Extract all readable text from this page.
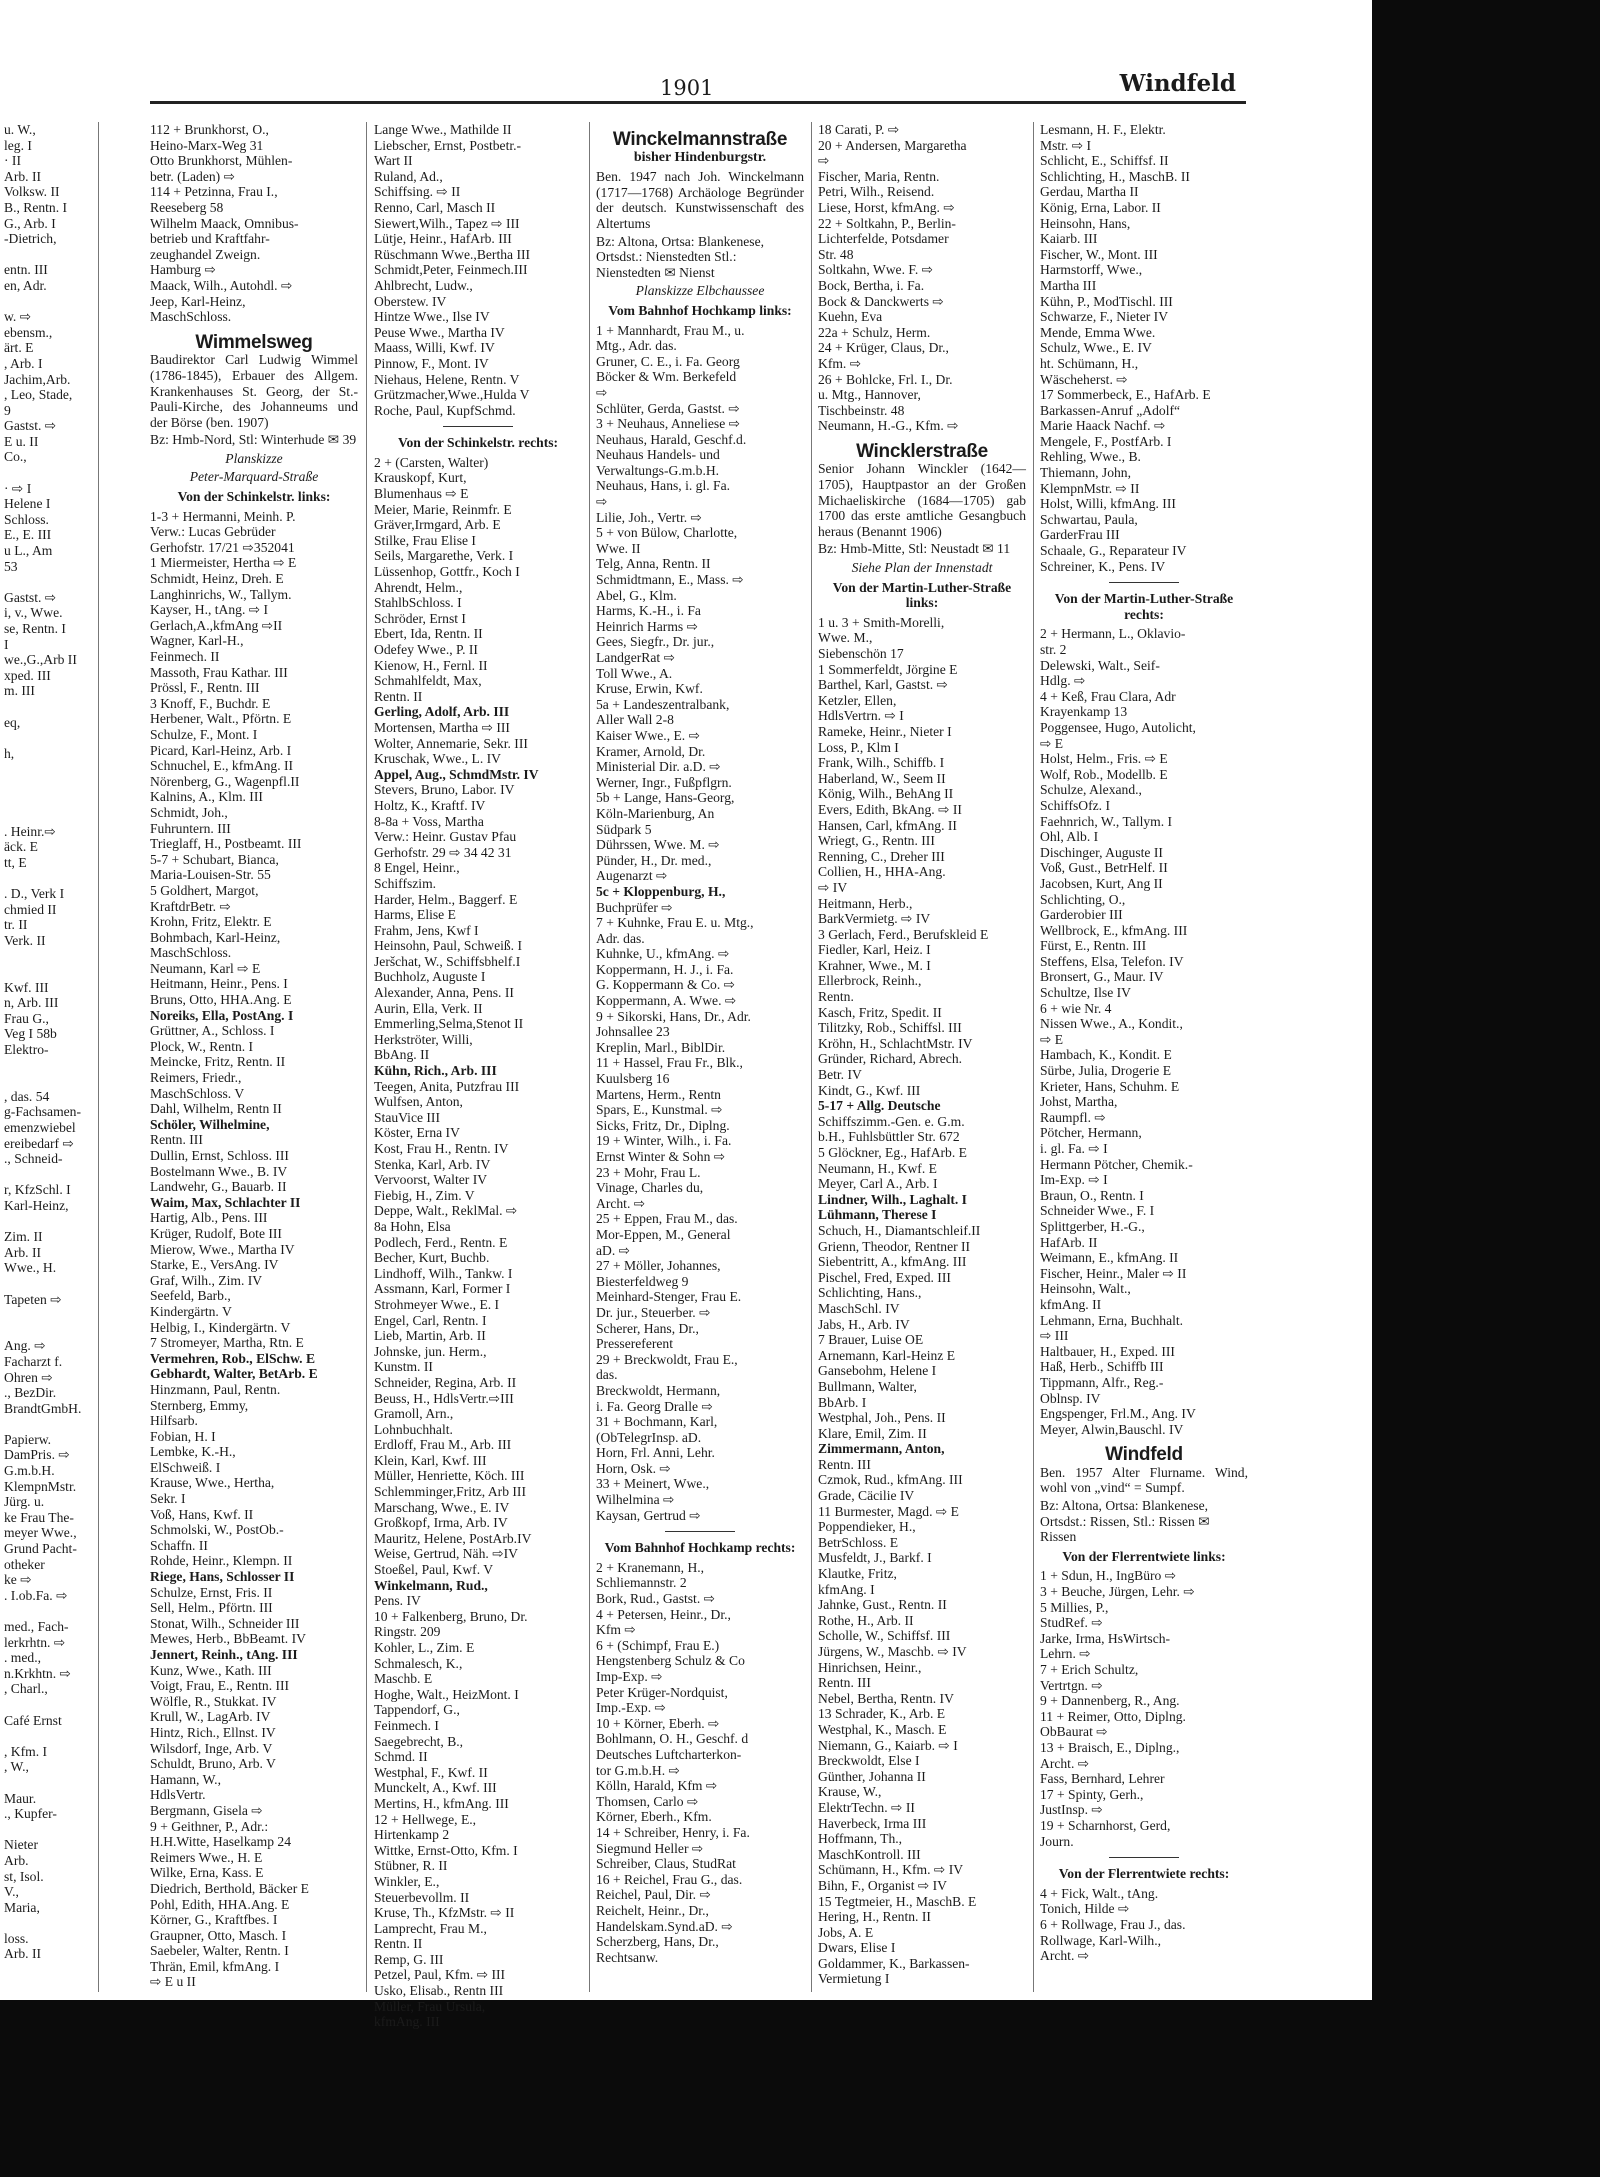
1901	Windfeld
u. W.,
leg. I
· II
Arb. II
Volksw. II
B., Rentn. I
G., Arb. I
-Dietrich,

entn. III
en, Adr.

w. ⇨
ebensm.,
ärt. E
, Arb. I
Jachim,Arb.
, Leo, Stade,
9
Gastst. ⇨
E u. II
Co.,

· ⇨ I
Helene I
Schloss.
E., E. III
u L., Am
53

Gastst. ⇨
i, v., Wwe.
se, Rentn. I
I
we.,G.,Arb II
xped. III
m. III

eq,

h,

. Heinr.⇨
äck. E
tt, E

. D., Verk I
chmied II
tr. II
Verk. II

Kwf. III
n, Arb. III
Frau G.,
Veg I 58b
Elektro-

, das. 54
g-Fachsamen-
emenzwiebel
ereibedarf ⇨
., Schneid-

r, KfzSchl. I
Karl-Heinz,

Zim. II
Arb. II
Wwe., H.

Tapeten ⇨

Ang. ⇨
Facharzt f.
Ohren ⇨
., BezDir.
BrandtGmbH.

Papierw.
DamPris. ⇨
G.m.b.H.
KlempnMstr.
Jürg. u.
ke Frau The-
meyer Wwe.,
Grund Pacht-
otheker
ke ⇨
. I.ob.Fa. ⇨

med., Fach-
lerkrhtn. ⇨
. med.,
n.Krkhtn. ⇨
, Charl.,

Café Ernst

, Kfm. I
, W.,

Maur.
., Kupfer-

Nieter
Arb.
st, Isol.
V.,
Maria,

loss.
Arb. II
112 + Brunkhorst, O.,
Heino-Marx-Weg 31
Otto Brunkhorst, Mühlen-
betr. (Laden) ⇨
114 + Petzinna, Frau I.,
Reeseberg 58
Wilhelm Maack, Omnibus-
betrieb und Kraftfahr-
zeughandel Zweign.
Hamburg ⇨
Maack, Wilh., Autohdl. ⇨
Jeep, Karl-Heinz,
MaschSchloss.
Wimmelsweg
Baudirektor Carl Ludwig Wimmel (1786-1845), Erbauer des Allgem. Krankenhauses St. Georg, der St.-Pauli-Kirche, des Johanneums und der Börse (ben. 1907)
Bz: Hmb-Nord, Stl: Winterhude ✉ 39
Planskizze
Peter-Marquard-Straße
Von der Schinkelstr. links:
1-3 + Hermanni, Meinh. P.
Verw.: Lucas Gebrüder
Gerhofstr. 17/21 ⇨352041
1 Miermeister, Hertha ⇨ E
Schmidt, Heinz, Dreh. E
Langhinrichs, W., Tallym.
Kayser, H., tAng. ⇨ I
Gerlach,A.,kfmAng ⇨II
Wagner, Karl-H.,
Feinmech. II
Massoth, Frau Kathar. III
Prössl, F., Rentn. III
3 Knoff, F., Buchdr. E
Herbener, Walt., Pförtn. E
Schulze, F., Mont. I
Picard, Karl-Heinz, Arb. I
Schnuchel, E., kfmAng. II
Nörenberg, G., Wagenpfl.II
Kalnins, A., Klm. III
Schmidt, Joh.,
Fuhruntern. III
Trieglaff, H., Postbeamt. III
5-7 + Schubart, Bianca,
Maria-Louisen-Str. 55
5 Goldhert, Margot,
KraftdrBetr. ⇨
Krohn, Fritz, Elektr. E
Bohmbach, Karl-Heinz,
MaschSchloss.
Neumann, Karl ⇨ E
Heitmann, Heinr., Pens. I
Bruns, Otto, HHA.Ang. E
Noreiks, Ella, PostAng. I
Grüttner, A., Schloss. I
Plock, W., Rentn. I
Meincke, Fritz, Rentn. II
Reimers, Friedr.,
MaschSchloss. V
Dahl, Wilhelm, Rentn II
Schöler, Wilhelmine,
Rentn. III
Dullin, Ernst, Schloss. III
Bostelmann Wwe., B. IV
Landwehr, G., Bauarb. II
Waim, Max, Schlachter II
Hartig, Alb., Pens. III
Krüger, Rudolf, Bote III
Mierow, Wwe., Martha IV
Starke, E., VersAng. IV
Graf, Wilh., Zim. IV
Seefeld, Barb.,
Kindergärtn. V
Helbig, I., Kindergärtn. V
7 Stromeyer, Martha, Rtn. E
Vermehren, Rob., ElSchw. E
Gebhardt, Walter, BetArb. E
Hinzmann, Paul, Rentn.
Sternberg, Emmy,
Hilfsarb.
Fobian, H. I
Lembke, K.-H.,
ElSchweiß. I
Krause, Wwe., Hertha,
Sekr. I
Voß, Hans, Kwf. II
Schmolski, W., PostOb.-
Schaffn. II
Rohde, Heinr., Klempn. II
Riege, Hans, Schlosser II
Schulze, Ernst, Fris. II
Sell, Helm., Pförtn. III
Stonat, Wilh., Schneider III
Mewes, Herb., BbBeamt. IV
Jennert, Reinh., tAng. III
Kunz, Wwe., Kath. III
Voigt, Frau, E., Rentn. III
Wölfle, R., Stukkat. IV
Krull, W., LagArb. IV
Hintz, Rich., Ellnst. IV
Wilsdorf, Inge, Arb. V
Schuldt, Bruno, Arb. V
Hamann, W.,
HdlsVertr.
Bergmann, Gisela ⇨
9 + Geithner, P., Adr.:
H.H.Witte, Haselkamp 24
Reimers Wwe., H. E
Wilke, Erna, Kass. E
Diedrich, Berthold, Bäcker E
Pohl, Edith, HHA.Ang. E
Körner, G., Kraftfbes. I
Graupner, Otto, Masch. I
Saebeler, Walter, Rentn. I
Thrän, Emil, kfmAng. I
⇨ E u II
Lange Wwe., Mathilde II
Liebscher, Ernst, Postbetr.-
Wart II
Ruland, Ad.,
Schiffsing. ⇨ II
Renno, Carl, Masch II
Siewert,Wilh., Tapez ⇨ III
Lütje, Heinr., HafArb. III
Rüschmann Wwe.,Bertha III
Schmidt,Peter, Feinmech.III
Ahlbrecht, Ludw.,
Oberstew. IV
Hintze Wwe., Ilse IV
Peuse Wwe., Martha IV
Maass, Willi, Kwf. IV
Pinnow, F., Mont. IV
Niehaus, Helene, Rentn. V
Grützmacher,Wwe.,Hulda V
Roche, Paul, KupfSchmd.
Von der Schinkelstr. rechts:
2 + (Carsten, Walter)
Krauskopf, Kurt,
Blumenhaus ⇨ E
Meier, Marie, Reinmfr. E
Gräver,Irmgard, Arb. E
Stilke, Frau Elise I
Seils, Margarethe, Verk. I
Lüssenhop, Gottfr., Koch I
Ahrendt, Helm.,
StahlbSchloss. I
Schröder, Ernst I
Ebert, Ida, Rentn. II
Odefey Wwe., P. II
Kienow, H., Fernl. II
Schmahlfeldt, Max,
Rentn. II
Gerling, Adolf, Arb. III
Mortensen, Martha ⇨ III
Wolter, Annemarie, Sekr. III
Kruschak, Wwe., L. IV
Appel, Aug., SchmdMstr. IV
Stevers, Bruno, Labor. IV
Holtz, K., Kraftf. IV
8-8a + Voss, Martha
Verw.: Heinr. Gustav Pfau
Gerhofstr. 29 ⇨ 34 42 31
8 Engel, Heinr.,
Schiffszim.
Harder, Helm., Baggerf. E
Harms, Elise E
Frahm, Jens, Kwf I
Heinsohn, Paul, Schweiß. I
Jeršchat, W., Schiffsbhelf.I
Buchholz, Auguste I
Alexander, Anna, Pens. II
Aurin, Ella, Verk. II
Emmerling,Selma,Stenot II
Herkströter, Willi,
BbAng. II
Kühn, Rich., Arb. III
Teegen, Anita, Putzfrau III
Wulfsen, Anton,
StauVice III
Köster, Erna IV
Kost, Frau H., Rentn. IV
Stenka, Karl, Arb. IV
Vervoorst, Walter IV
Fiebig, H., Zim. V
Deppe, Walt., ReklMal. ⇨
8a Hohn, Elsa
Podlech, Ferd., Rentn. E
Becher, Kurt, Buchb.
Lindhoff, Wilh., Tankw. I
Assmann, Karl, Former I
Strohmeyer Wwe., E. I
Engel, Carl, Rentn. I
Lieb, Martin, Arb. II
Johnske, jun. Herm.,
Kunstm. II
Schneider, Regina, Arb. II
Beuss, H., HdlsVertr.⇨III
Gramoll, Arn.,
Lohnbuchhalt.
Erdloff, Frau M., Arb. III
Klein, Karl, Kwf. III
Müller, Henriette, Köch. III
Schlemminger,Fritz, Arb III
Marschang, Wwe., E. IV
Großkopf, Irma, Arb. IV
Mauritz, Helene, PostArb.IV
Weise, Gertrud, Näh. ⇨IV
Stoeßel, Paul, Kwf. V
Winkelmann, Rud.,
Pens. IV
10 + Falkenberg, Bruno, Dr.
Ringstr. 209
Kohler, L., Zim. E
Schmalesch, K.,
Maschb. E
Hoghe, Walt., HeizMont. I
Tappendorf, G.,
Feinmech. I
Saegebrecht, B.,
Schmd. II
Westphal, F., Kwf. II
Munckelt, A., Kwf. III
Mertins, H., kfmAng. III
12 + Hellwege, E.,
Hirtenkamp 2
Wittke, Ernst-Otto, Kfm. I
Stübner, R. II
Winkler, E.,
Steuerbevollm. II
Kruse, Th., KfzMstr. ⇨ II
Lamprecht, Frau M.,
Rentn. II
Remp, G. III
Petzel, Paul, Kfm. ⇨ III
Usko, Elisab., Rentn III
Müller, Frau Ursula,
kfmAng. III
Winckelmannstraße
bisher Hindenburgstr.
Ben. 1947 nach Joh. Winckelmann (1717—1768) Archäologe Begründer der deutsch. Kunstwissenschaft des Altertums
Bz: Altona, Ortsa: Blankenese, Ortsdst.: Nienstedten Stl.: Nienstedten ✉ Nienst
Planskizze Elbchaussee
Vom Bahnhof Hochkamp links:
1 + Mannhardt, Frau M., u.
Mtg., Adr. das.
Gruner, C. E., i. Fa. Georg
Böcker & Wm. Berkefeld
⇨
Schlüter, Gerda, Gastst. ⇨
3 + Neuhaus, Anneliese ⇨
Neuhaus, Harald, Geschf.d.
Neuhaus Handels- und
Verwaltungs-G.m.b.H.
Neuhaus, Hans, i. gl. Fa.
⇨
Lilie, Joh., Vertr. ⇨
5 + von Bülow, Charlotte,
Wwe. II
Telg, Anna, Rentn. II
Schmidtmann, E., Mass. ⇨
Abel, G., Klm.
Harms, K.-H., i. Fa
Heinrich Harms ⇨
Gees, Siegfr., Dr. jur.,
LandgerRat ⇨
Toll Wwe., A.
Kruse, Erwin, Kwf.
5a + Landeszentralbank,
Aller Wall 2-8
Kaiser Wwe., E. ⇨
Kramer, Arnold, Dr.
Ministerial Dir. a.D. ⇨
Werner, Ingr., Fußpflgrn.
5b + Lange, Hans-Georg,
Köln-Marienburg, An
Südpark 5
Dührssen, Wwe. M. ⇨
Pünder, H., Dr. med.,
Augenarzt ⇨
5c + Kloppenburg, H.,
Buchprüfer ⇨
7 + Kuhnke, Frau E. u. Mtg.,
Adr. das.
Kuhnke, U., kfmAng. ⇨
Koppermann, H. J., i. Fa.
G. Koppermann & Co. ⇨
Koppermann, A. Wwe. ⇨
9 + Sikorski, Hans, Dr., Adr.
Johnsallee 23
Kreplin, Marl., BiblDir.
11 + Hassel, Frau Fr., Blk.,
Kuulsberg 16
Martens, Herm., Rentn
Spars, E., Kunstmal. ⇨
Sicks, Fritz, Dr., Diplng.
19 + Winter, Wilh., i. Fa.
Ernst Winter & Sohn ⇨
23 + Mohr, Frau L.
Vinage, Charles du,
Archt. ⇨
25 + Eppen, Frau M., das.
Mor-Eppen, M., General
aD. ⇨
27 + Möller, Johannes,
Biesterfeldweg 9
Meinhard-Stenger, Frau E.
Dr. jur., Steuerber. ⇨
Scherer, Hans, Dr.,
Pressereferent
29 + Breckwoldt, Frau E.,
das.
Breckwoldt, Hermann,
i. Fa. Georg Dralle ⇨
31 + Bochmann, Karl,
(ObTelegrInsp. aD.
Horn, Frl. Anni, Lehr.
Horn, Osk. ⇨
33 + Meinert, Wwe.,
Wilhelmina ⇨
Kaysan, Gertrud ⇨
Vom Bahnhof Hochkamp rechts:
2 + Kranemann, H.,
Schliemannstr. 2
Bork, Rud., Gastst. ⇨
4 + Petersen, Heinr., Dr.,
Kfm ⇨
6 + (Schimpf, Frau E.)
Hengstenberg Schulz & Co
Imp-Exp. ⇨
Peter Krüger-Nordquist,
Imp.-Exp. ⇨
10 + Körner, Eberh. ⇨
Bohlmann, O. H., Geschf. d
Deutsches Luftcharterkon-
tor G.m.b.H. ⇨
Kölln, Harald, Kfm ⇨
Thomsen, Carlo ⇨
Körner, Eberh., Kfm.
14 + Schreiber, Henry, i. Fa.
Siegmund Heller ⇨
Schreiber, Claus, StudRat
16 + Reichel, Frau G., das.
Reichel, Paul, Dir. ⇨
Reichelt, Heinr., Dr.,
Handelskam.Synd.aD. ⇨
Scherzberg, Hans, Dr.,
Rechtsanw.
18 Carati, P. ⇨
20 + Andersen, Margaretha
⇨
Fischer, Maria, Rentn.
Petri, Wilh., Reisend.
Liese, Horst, kfmAng. ⇨
22 + Soltkahn, P., Berlin-
Lichterfelde, Potsdamer
Str. 48
Soltkahn, Wwe. F. ⇨
Bock, Bertha, i. Fa.
Bock & Danckwerts ⇨
Kuehn, Eva
22a + Schulz, Herm.
24 + Krüger, Claus, Dr.,
Kfm. ⇨
26 + Bohlcke, Frl. I., Dr.
u. Mtg., Hannover,
Tischbeinstr. 48
Neumann, H.-G., Kfm. ⇨
Wincklerstraße
Senior Johann Winckler (1642—1705), Hauptpastor an der Großen Michaeliskirche (1684—1705) gab 1700 das erste amtliche Gesangbuch heraus (Benannt 1906)
Bz: Hmb-Mitte, Stl: Neustadt ✉ 11
Siehe Plan der Innenstadt
Von der Martin-Luther-Straße links:
1 u. 3 + Smith-Morelli,
Wwe. M.,
Siebenschön 17
1 Sommerfeldt, Jörgine E
Barthel, Karl, Gastst. ⇨
Ketzler, Ellen,
HdlsVertrn. ⇨ I
Rameke, Heinr., Nieter I
Loss, P., Klm I
Frank, Wilh., Schiffb. I
Haberland, W., Seem II
König, Wilh., BehAng II
Evers, Edith, BkAng. ⇨ II
Hansen, Carl, kfmAng. II
Wriegt, G., Rentn. III
Renning, C., Dreher III
Collien, H., HHA-Ang.
⇨ IV
Heitmann, Herb.,
BarkVermietg. ⇨ IV
3 Gerlach, Ferd., Berufskleid E
Fiedler, Karl, Heiz. I
Krahner, Wwe., M. I
Ellerbrock, Reinh.,
Rentn.
Kasch, Fritz, Spedit. II
Tilitzky, Rob., Schiffsl. III
Kröhn, H., SchlachtMstr. IV
Gründer, Richard, Abrech.
Betr. IV
Kindt, G., Kwf. III
5-17 + Allg. Deutsche
Schiffszimm.-Gen. e. G.m.
b.H., Fuhlsbüttler Str. 672
5 Glöckner, Eg., HafArb. E
Neumann, H., Kwf. E
Meyer, Carl A., Arb. I
Lindner, Wilh., Laghalt. I
Lühmann, Therese I
Schuch, H., Diamantschleif.II
Grienn, Theodor, Rentner II
Siebentritt, A., kfmAng. III
Pischel, Fred, Exped. III
Schlichting, Hans.,
MaschSchl. IV
Jabs, H., Arb. IV
7 Brauer, Luise OE
Arnemann, Karl-Heinz E
Gansebohm, Helene I
Bullmann, Walter,
BbArb. I
Westphal, Joh., Pens. II
Klare, Emil, Zim. II
Zimmermann, Anton,
Rentn. III
Czmok, Rud., kfmAng. III
Grade, Cäcilie IV
11 Burmester, Magd. ⇨ E
Poppendieker, H.,
BetrSchloss. E
Musfeldt, J., Barkf. I
Klautke, Fritz,
kfmAng. I
Jahnke, Gust., Rentn. II
Rothe, H., Arb. II
Scholle, W., Schiffsf. III
Jürgens, W., Maschb. ⇨ IV
Hinrichsen, Heinr.,
Rentn. III
Nebel, Bertha, Rentn. IV
13 Schrader, K., Arb. E
Westphal, K., Masch. E
Niemann, G., Kaiarb. ⇨ I
Breckwoldt, Else I
Günther, Johanna II
Krause, W.,
ElektrTechn. ⇨ II
Haverbeck, Irma III
Hoffmann, Th.,
MaschKontroll. III
Schümann, H., Kfm. ⇨ IV
Bihn, F., Organist ⇨ IV
15 Tegtmeier, H., MaschB. E
Hering, H., Rentn. II
Jobs, A. E
Dwars, Elise I
Goldammer, K., Barkassen-
Vermietung I
Lesmann, H. F., Elektr.
Mstr. ⇨ I
Schlicht, E., Schiffsf. II
Schlichting, H., MaschB. II
Gerdau, Martha II
König, Erna, Labor. II
Heinsohn, Hans,
Kaiarb. III
Fischer, W., Mont. III
Harmstorff, Wwe.,
Martha III
Kühn, P., ModTischl. III
Schwarze, F., Nieter IV
Mende, Emma Wwe.
Schulz, Wwe., E. IV
ht. Schümann, H.,
Wäscheherst. ⇨
17 Sommerbeck, E., HafArb. E
Barkassen-Anruf „Adolf“
Marie Haack Nachf. ⇨
Mengele, F., PostfArb. I
Rehling, Wwe., B.
Thiemann, John,
KlempnMstr. ⇨ II
Holst, Willi, kfmAng. III
Schwartau, Paula,
GarderFrau III
Schaale, G., Reparateur IV
Schreiner, K., Pens. IV
Von der Martin-Luther-Straße rechts:
2 + Hermann, L., Oklavio-
str. 2
Delewski, Walt., Seif-
Hdlg. ⇨
4 + Keß, Frau Clara, Adr
Krayenkamp 13
Poggensee, Hugo, Autolicht,
⇨ E
Holst, Helm., Fris. ⇨ E
Wolf, Rob., Modellb. E
Schulze, Alexand.,
SchiffsOfz. I
Faehnrich, W., Tallym. I
Ohl, Alb. I
Dischinger, Auguste II
Voß, Gust., BetrHelf. II
Jacobsen, Kurt, Ang II
Schlichting, O.,
Garderobier III
Wellbrock, E., kfmAng. III
Fürst, E., Rentn. III
Steffens, Elsa, Telefon. IV
Bronsert, G., Maur. IV
Schultze, Ilse IV
6 + wie Nr. 4
Nissen Wwe., A., Kondit.,
⇨ E
Hambach, K., Kondit. E
Sürbe, Julia, Drogerie E
Krieter, Hans, Schuhm. E
Johst, Martha,
Raumpfl. ⇨
Pötcher, Hermann,
i. gl. Fa. ⇨ I
Hermann Pötcher, Chemik.-
Im-Exp. ⇨ I
Braun, O., Rentn. I
Schneider Wwe., F. I
Splittgerber, H.-G.,
HafArb. II
Weimann, E., kfmAng. II
Fischer, Heinr., Maler ⇨ II
Heinsohn, Walt.,
kfmAng. II
Lehmann, Erna, Buchhalt.
⇨ III
Haltbauer, H., Exped. III
Haß, Herb., Schiffb III
Tippmann, Alfr., Reg.-
Oblnsp. IV
Engspenger, Frl.M., Ang. IV
Meyer, Alwin,Bauschl. IV
Windfeld
Ben. 1957 Alter Flurname. Wind, wohl von „vind“ = Sumpf.
Bz: Altona, Ortsa: Blankenese, Ortsdst.: Rissen, Stl.: Rissen ✉ Rissen
Von der Flerrentwiete links:
1 + Sdun, H., IngBüro ⇨
3 + Beuche, Jürgen, Lehr. ⇨
5 Millies, P.,
StudRef. ⇨
Jarke, Irma, HsWirtsch-
Lehrn. ⇨
7 + Erich Schultz,
Vertrtgn. ⇨
9 + Dannenberg, R., Ang.
11 + Reimer, Otto, Diplng.
ObBaurat ⇨
13 + Braisch, E., Diplng.,
Archt. ⇨
Fass, Bernhard, Lehrer
17 + Spinty, Gerh.,
JustInsp. ⇨
19 + Scharnhorst, Gerd,
Journ.
Von der Flerrentwiete rechts:
4 + Fick, Walt., tAng.
Tonich, Hilde ⇨
6 + Rollwage, Frau J., das.
Rollwage, Karl-Wilh.,
Archt. ⇨
